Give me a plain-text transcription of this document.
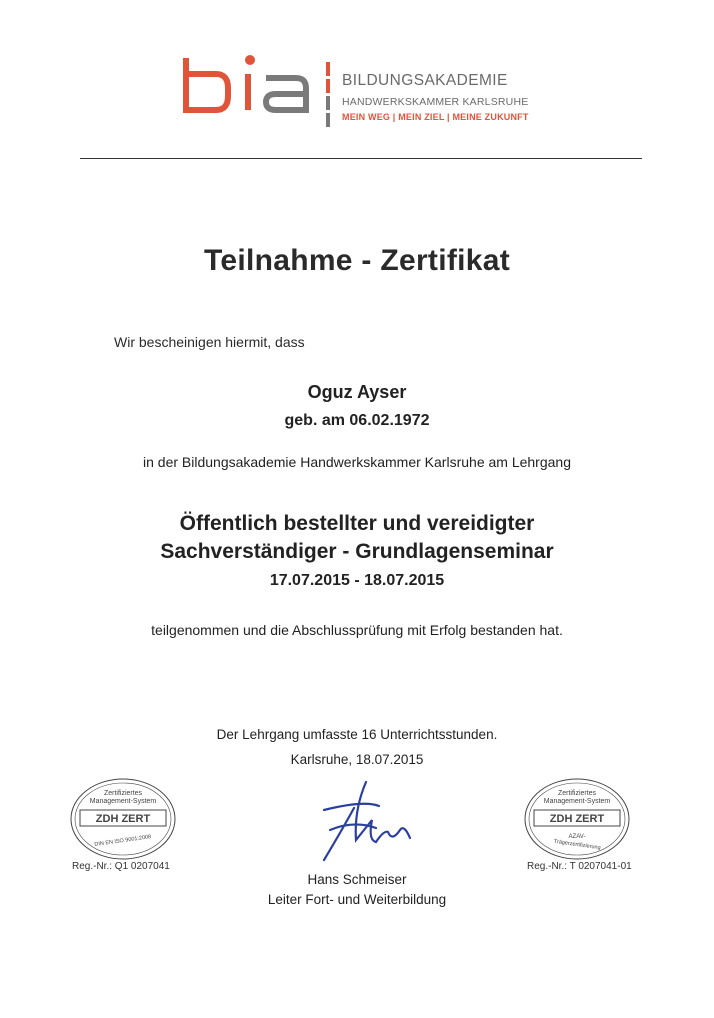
BILDUNGSAKADEMIE
HANDWERKSKAMMER KARLSRUHE
MEIN WEG | MEIN ZIEL | MEINE ZUKUNFT
Teilnahme - Zertifikat
Wir bescheinigen hiermit, dass
Oguz Ayser
geb. am 06.02.1972
in der Bildungsakademie Handwerkskammer Karlsruhe am Lehrgang
Öffentlich bestellter und vereidigter
Sachverständiger - Grundlagenseminar
17.07.2015 - 18.07.2015
teilgenommen und die Abschlussprüfung mit Erfolg bestanden hat.
Der Lehrgang umfasste 16 Unterrichtsstunden.
Karlsruhe, 18.07.2015
Hans Schmeiser
Leiter Fort- und Weiterbildung
Zertifiziertes
Management-System
ZDH ZERT
DIN EN ISO 9001:2008
Reg.-Nr.: Q1 0207041
Zertifiziertes
Management-System
ZDH ZERT
AZAV-
Trägerzertifizierung
Reg.-Nr.: T 0207041-01
